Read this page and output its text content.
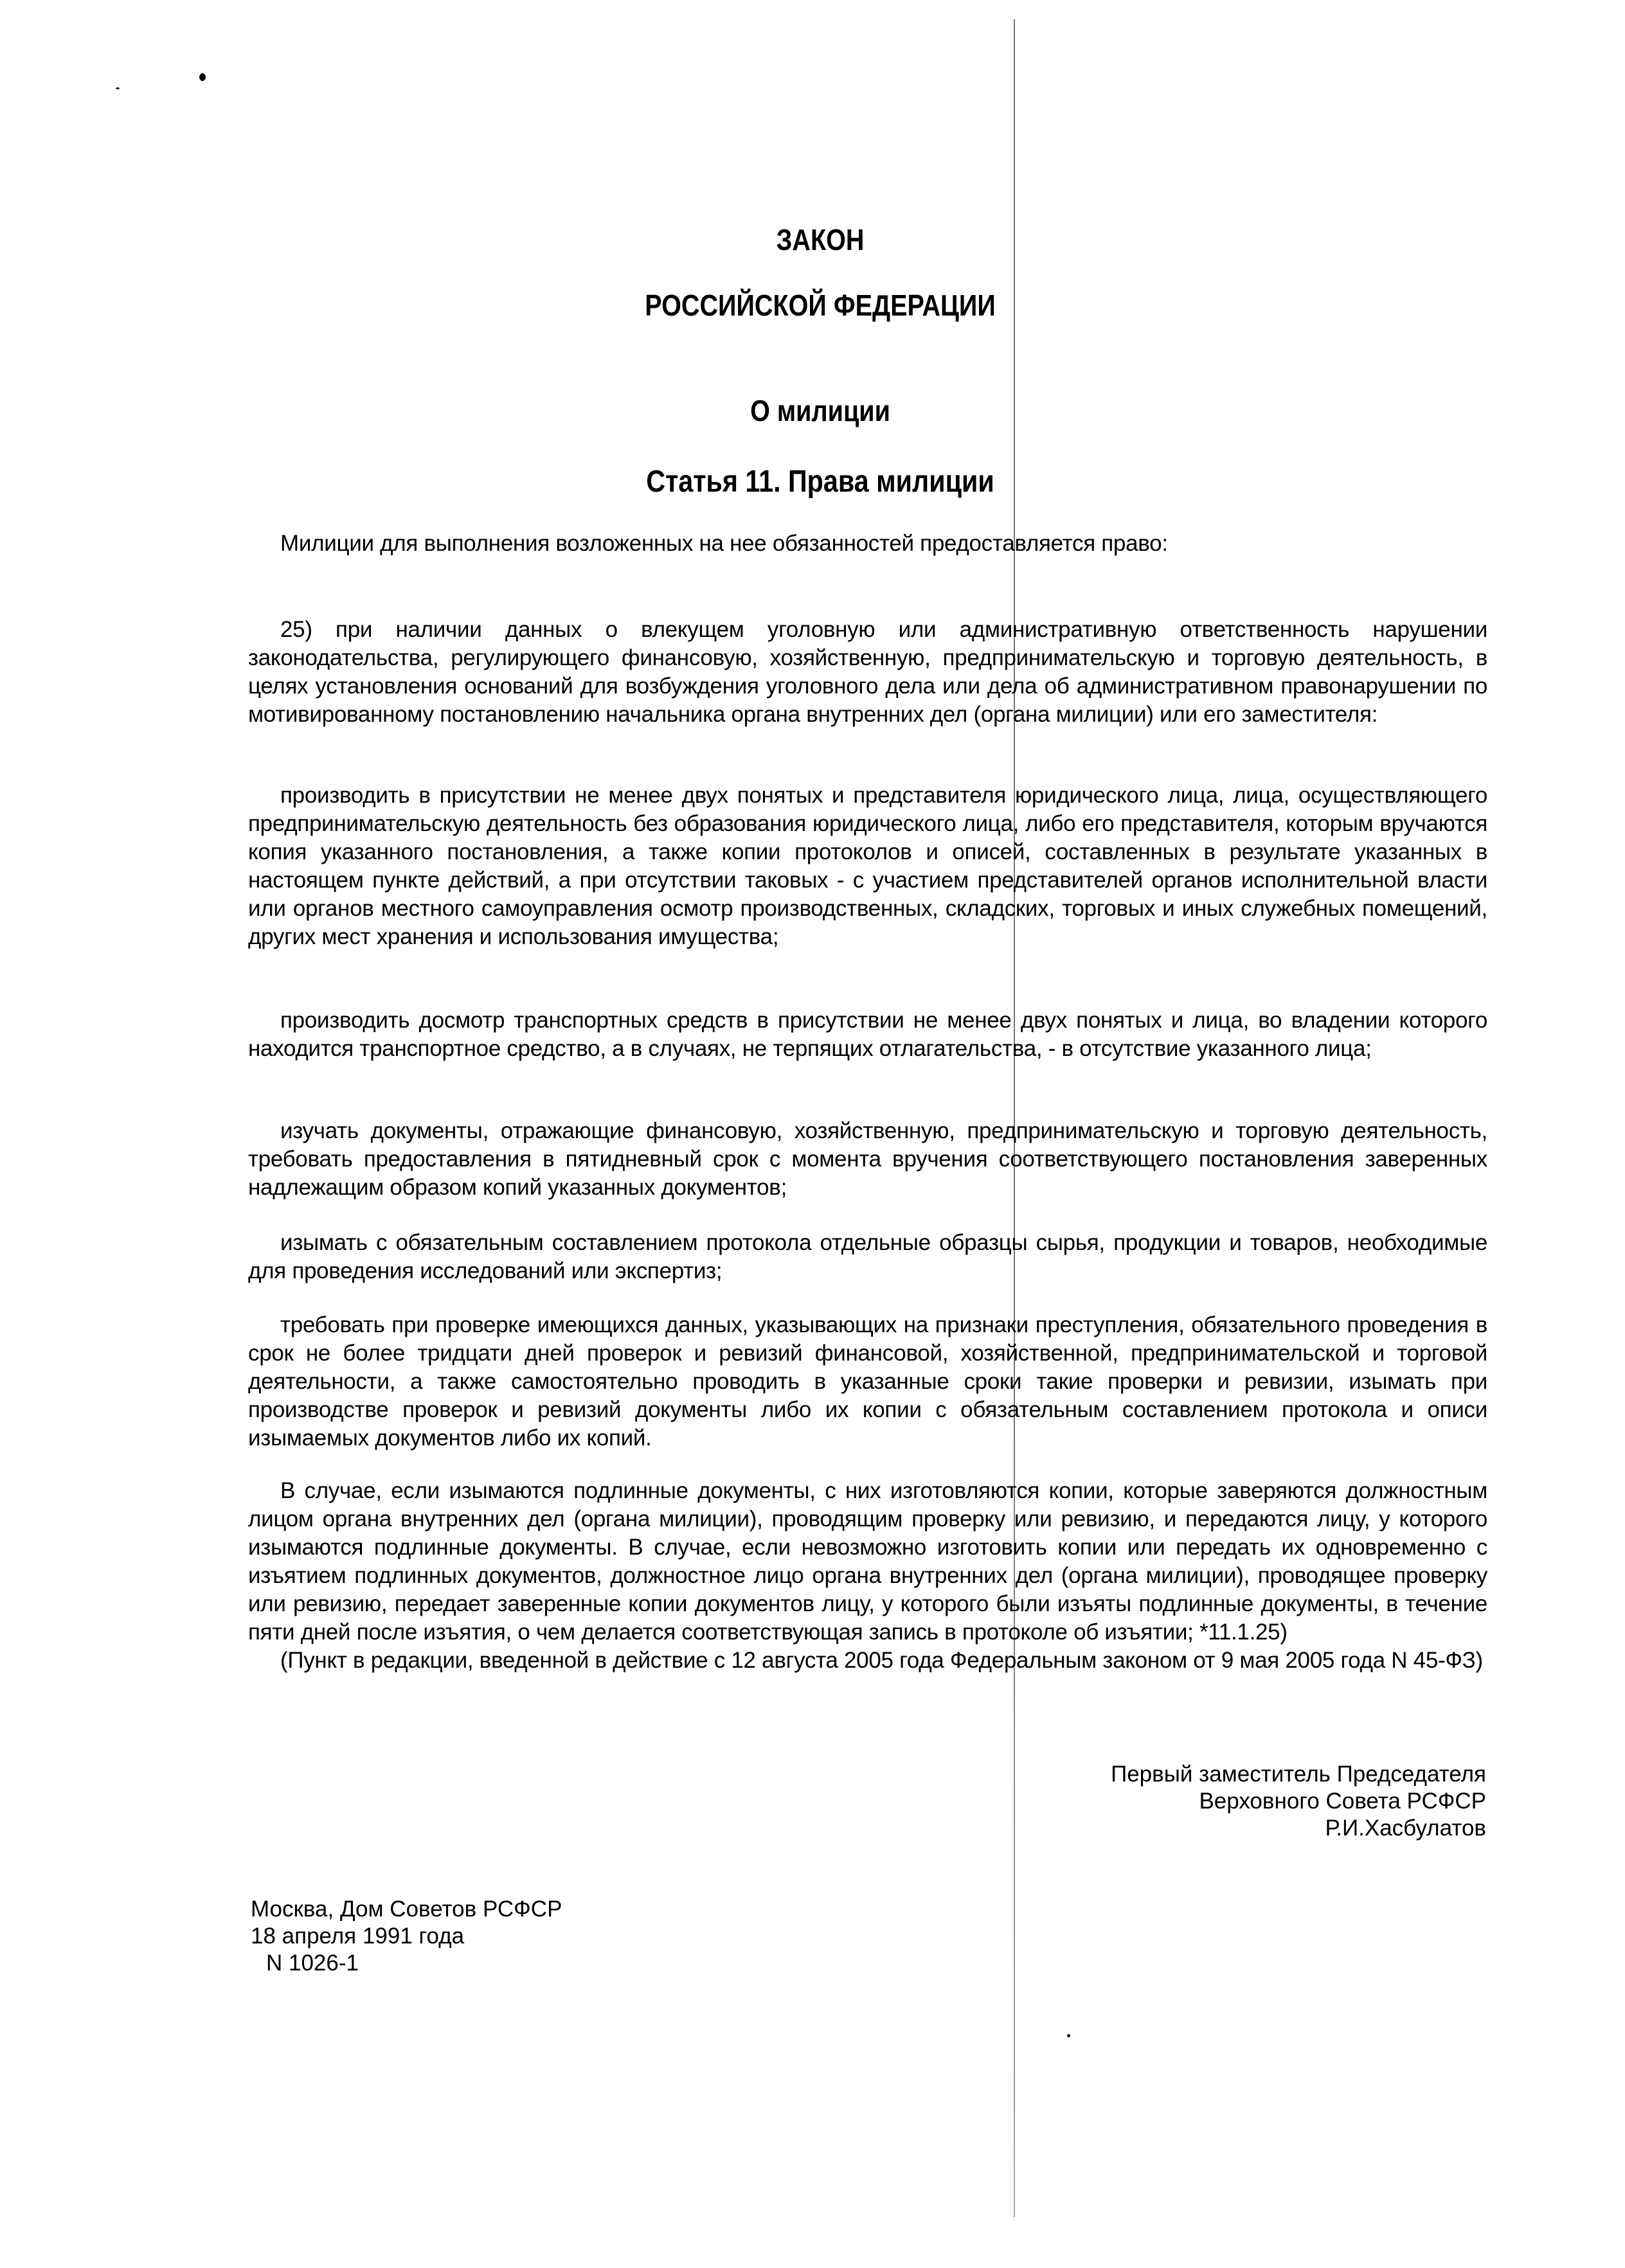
ЗАКОН
РОССИЙСКОЙ ФЕДЕРАЦИИ
О милиции
Статья 11. Права милиции
Милиции для выполнения возложенных на нее обязанностей предоставляется право:

25) при наличии данных о влекущем уголовную или административную ответственность нарушении законодательства, регулирующего финансовую, хозяйственную, предпринимательскую и торговую деятельность, в целях установления оснований для возбуждения уголовного дела или дела об административном правонарушении по мотивированному постановлению начальника органа внутренних дел (органа милиции) или его заместителя:

производить в присутствии не менее двух понятых и представителя юридического лица, лица, осуществляющего предпринимательскую деятельность без образования юридического лица, либо его представителя, которым вручаются копия указанного постановления, а также копии протоколов и описей, составленных в результате указанных в настоящем пункте действий, а при отсутствии таковых - с участием представителей органов исполнительной власти или органов местного самоуправления осмотр производственных, складских, торговых и иных служебных помещений, других мест хранения и использования имущества;

производить досмотр транспортных средств в присутствии не менее двух понятых и лица, во владении которого находится транспортное средство, а в случаях, не терпящих отлагательства, - в отсутствие указанного лица;

изучать документы, отражающие финансовую, хозяйственную, предпринимательскую и торговую деятельность, требовать предоставления в пятидневный срок с момента вручения соответствующего постановления заверенных надлежащим образом копий указанных документов;

изымать с обязательным составлением протокола отдельные образцы сырья, продукции и товаров, необходимые для проведения исследований или экспертиз;

требовать при проверке имеющихся данных, указывающих на признаки преступления, обязательного проведения в срок не более тридцати дней проверок и ревизий финансовой, хозяйственной, предпринимательской и торговой деятельности, а также самостоятельно проводить в указанные сроки такие проверки и ревизии, изымать при производстве проверок и ревизий документы либо их копии с обязательным составлением протокола и описи изымаемых документов либо их копий.

В случае, если изымаются подлинные документы, с них изготовляются копии, которые заверяются должностным лицом органа внутренних дел (органа милиции), проводящим проверку или ревизию, и передаются лицу, у которого изымаются подлинные документы. В случае, если невозможно изготовить копии или передать их одновременно с изъятием подлинных документов, должностное лицо органа внутренних дел (органа милиции), проводящее проверку или ревизию, передает заверенные копии документов лицу, у которого были изъяты подлинные документы, в течение пяти дней после изъятия, о чем делается соответствующая запись в протоколе об изъятии; *11.1.25)

(Пункт в редакции, введенной в действие с 12 августа 2005 года Федеральным законом от 9 мая 2005 года N 45-ФЗ)

Первый заместитель Председателя
Верховного Совета РСФСР
Р.И.Хасбулатов
Москва, Дом Советов РСФСР
18 апреля 1991 года
N 1026-1
